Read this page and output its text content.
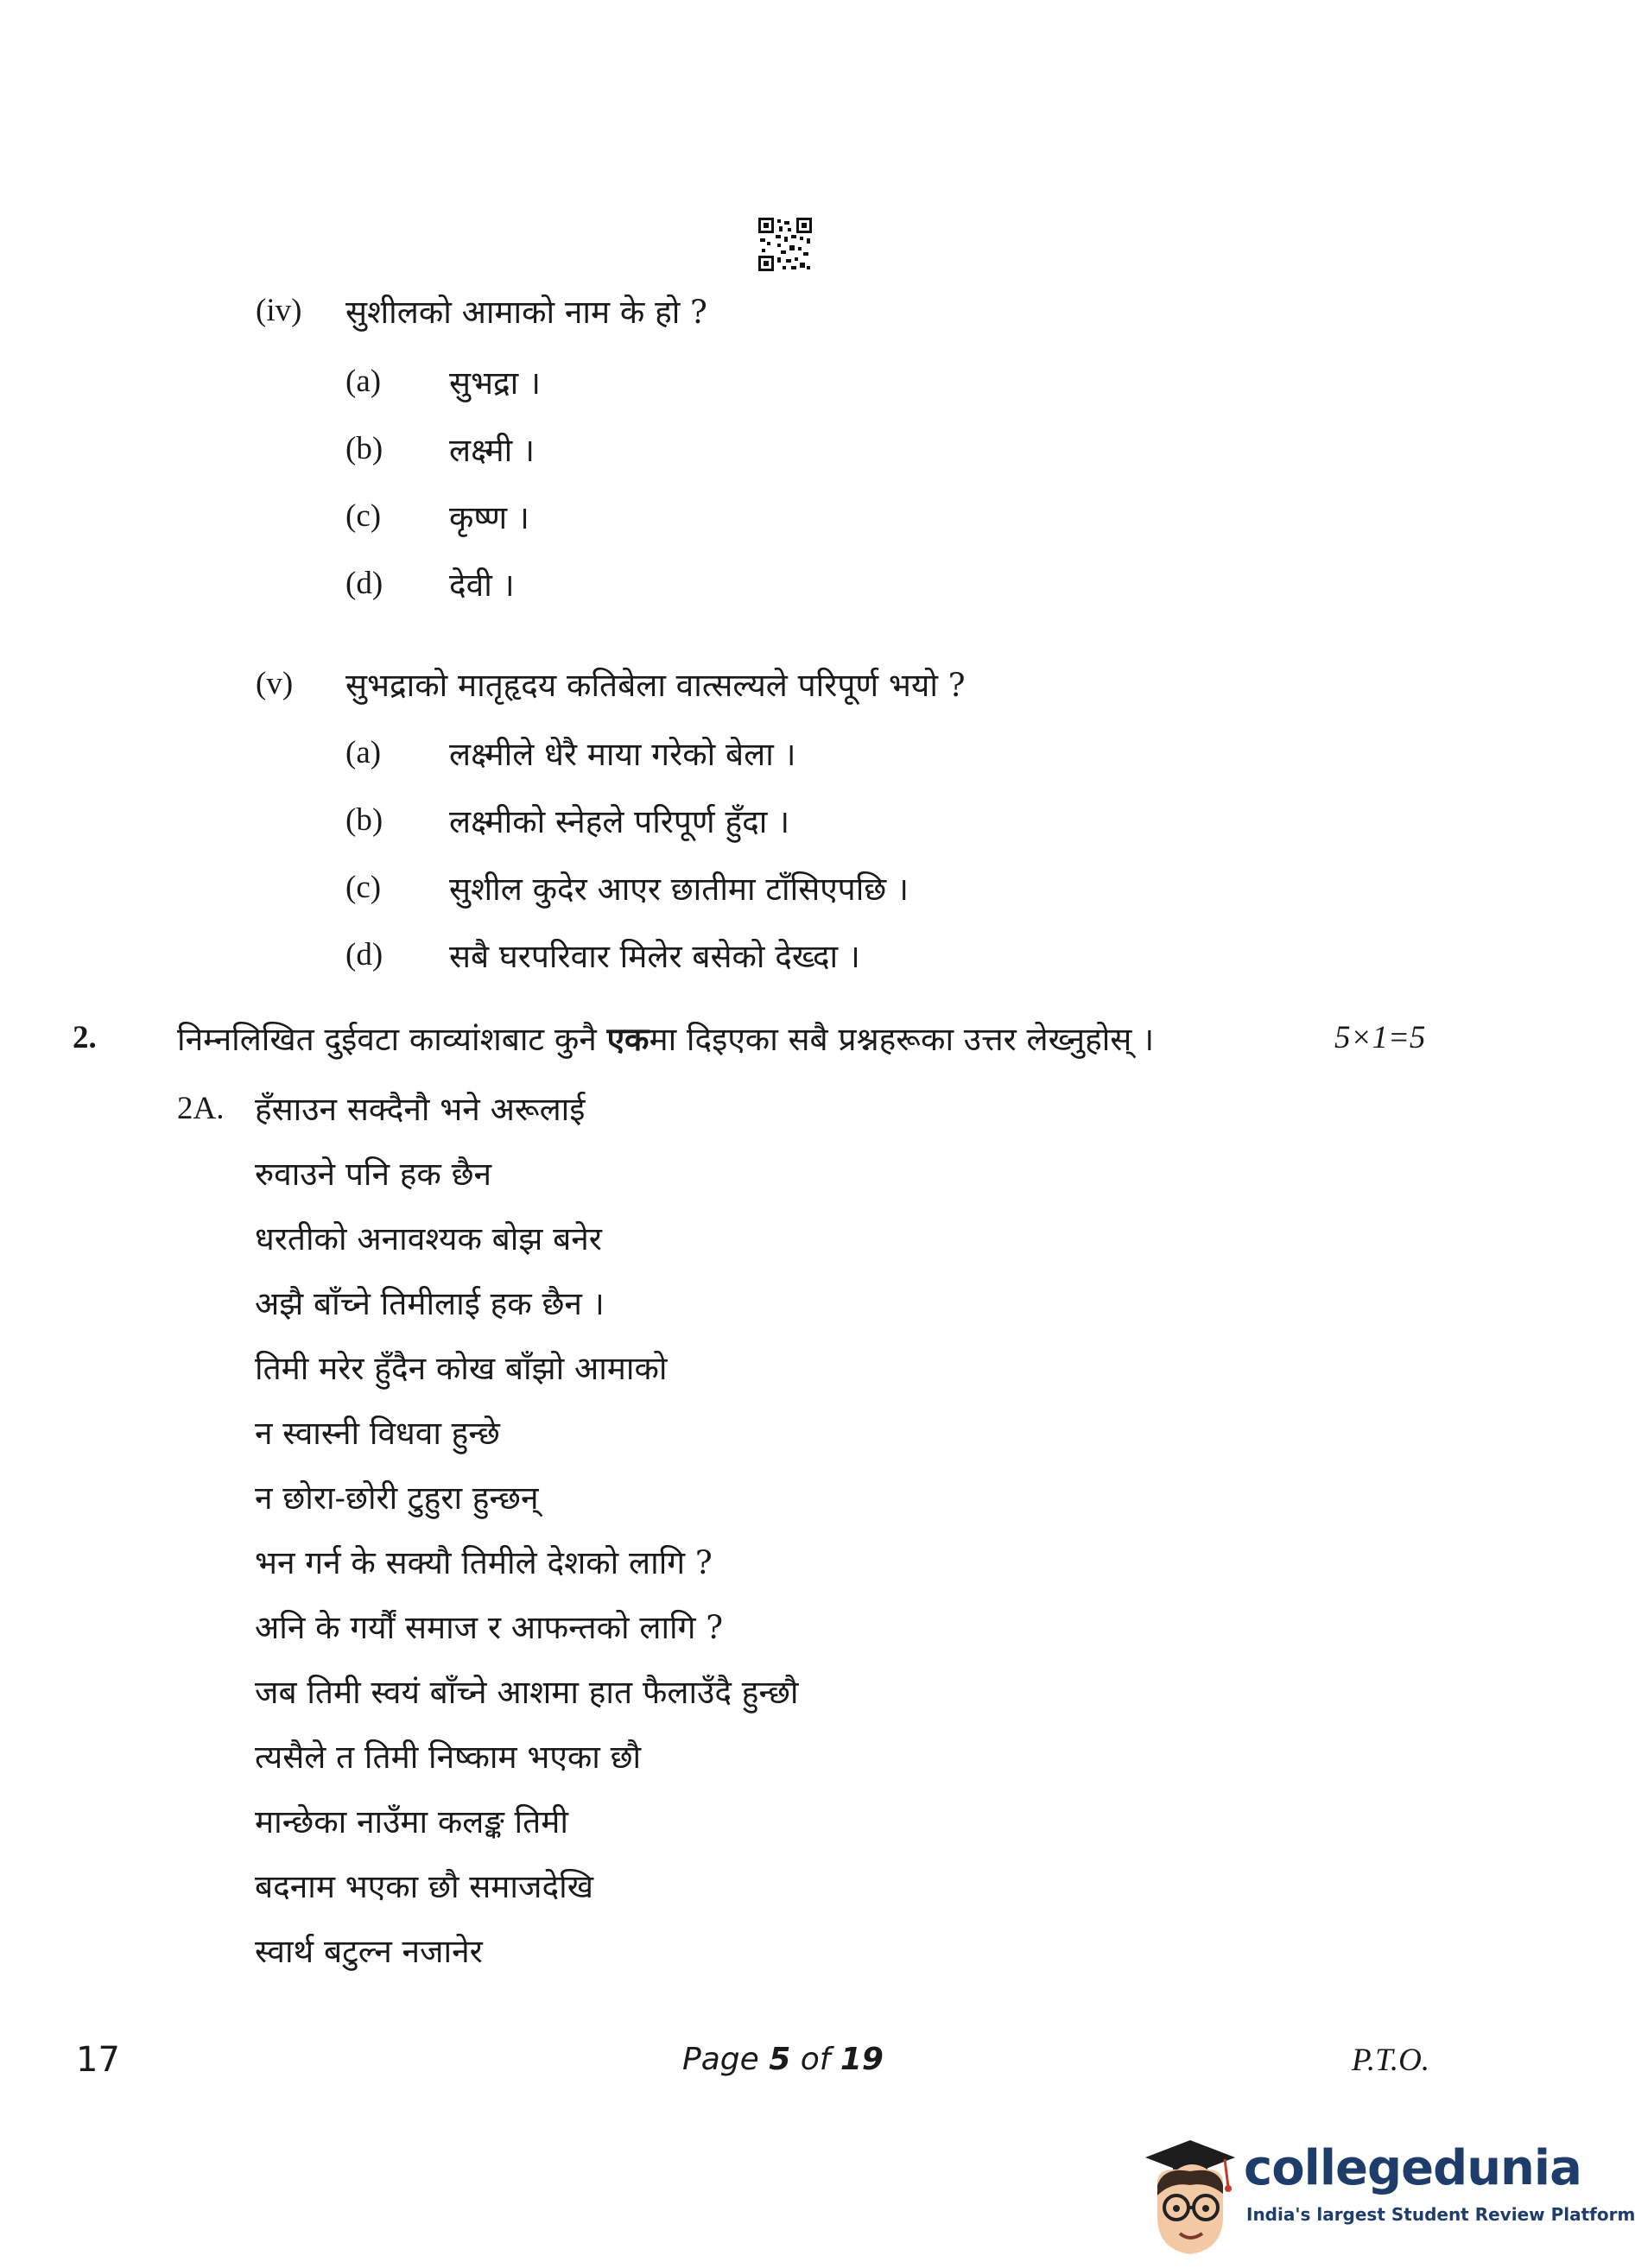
(iv) सुशीलको आमाको नाम के हो ?
(a) सुभद्रा ।
(b) लक्ष्मी ।
(c) कृष्ण ।
(d) देवी ।
(v) सुभद्राको मातृहृदय कतिबेला वात्सल्यले परिपूर्ण भयो ?
(a) लक्ष्मीले धेरै माया गरेको बेला ।
(b) लक्ष्मीको स्नेहले परिपूर्ण हुँदा ।
(c) सुशील कुदेर आएर छातीमा टाँसिएपछि ।
(d) सबै घरपरिवार मिलेर बसेको देख्दा ।
2.	निम्नलिखित दुईवटा काव्यांशबाट कुनै एकमा दिइएका सबै प्रश्नहरूका उत्तर लेख्नुहोस् ।	5×1=5
2A. हँसाउन सक्दैनौ भने अरूलाई
रुवाउने पनि हक छैन
धरतीको अनावश्यक बोझ बनेर
अझै बाँच्ने तिमीलाई हक छैन ।
तिमी मरेर हुँदैन कोख बाँझो आमाको
न स्वास्नी विधवा हुन्छे
न छोरा-छोरी टुहुरा हुन्छन्
भन गर्न के सक्यौ तिमीले देशको लागि ?
अनि के गर्यौं समाज र आफन्तको लागि ?
जब तिमी स्वयं बाँच्ने आशमा हात फैलाउँदै हुन्छौ
त्यसैले त तिमी निष्काम भएका छौ
मान्छेका नाउँमा कलङ्क तिमी
बदनाम भएका छौ समाजदेखि
स्वार्थ बटुल्न नजानेर
17	Page 5 of 19	P.T.O.
collegedunia
India's largest Student Review Platform
